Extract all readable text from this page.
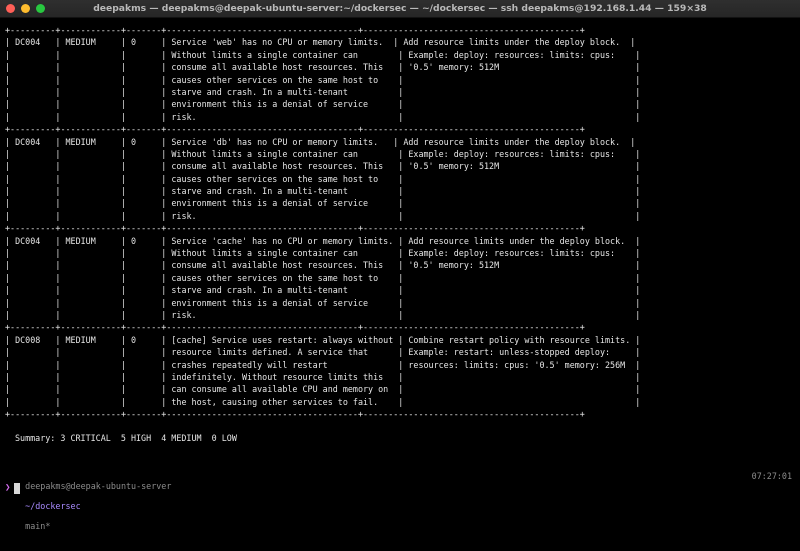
deepakms — deepakms@deepak-ubuntu-server:~/dockersec — ~/dockersec — ssh deepakms@192.168.1.44 — 159×38
+---------+------------+-------+--------------------------------------+-------------------------------------------+
| DC004   | MEDIUM     | 0     | Service 'web' has no CPU or memory limits.  | Add resource limits under the deploy block.  |
|         |            |       | Without limits a single container can        | Example: deploy: resources: limits: cpus:    |
|         |            |       | consume all available host resources. This   | '0.5' memory: 512M                           |
|         |            |       | causes other services on the same host to    |                                              |
|         |            |       | starve and crash. In a multi-tenant          |                                              |
|         |            |       | environment this is a denial of service      |                                              |
|         |            |       | risk.                                        |                                              |
+---------+------------+-------+--------------------------------------+-------------------------------------------+
| DC004   | MEDIUM     | 0     | Service 'db' has no CPU or memory limits.   | Add resource limits under the deploy block.  |
|         |            |       | Without limits a single container can        | Example: deploy: resources: limits: cpus:    |
|         |            |       | consume all available host resources. This   | '0.5' memory: 512M                           |
|         |            |       | causes other services on the same host to    |                                              |
|         |            |       | starve and crash. In a multi-tenant          |                                              |
|         |            |       | environment this is a denial of service      |                                              |
|         |            |       | risk.                                        |                                              |
+---------+------------+-------+--------------------------------------+-------------------------------------------+
| DC004   | MEDIUM     | 0     | Service 'cache' has no CPU or memory limits. | Add resource limits under the deploy block.  |
|         |            |       | Without limits a single container can        | Example: deploy: resources: limits: cpus:    |
|         |            |       | consume all available host resources. This   | '0.5' memory: 512M                           |
|         |            |       | causes other services on the same host to    |                                              |
|         |            |       | starve and crash. In a multi-tenant          |                                              |
|         |            |       | environment this is a denial of service      |                                              |
|         |            |       | risk.                                        |                                              |
+---------+------------+-------+--------------------------------------+-------------------------------------------+
| DC008   | MEDIUM     | 0     | [cache] Service uses restart: always without | Combine restart policy with resource limits. |
|         |            |       | resource limits defined. A service that      | Example: restart: unless-stopped deploy:     |
|         |            |       | crashes repeatedly will restart              | resources: limits: cpus: '0.5' memory: 256M  |
|         |            |       | indefinitely. Without resource limits this   |                                              |
|         |            |       | can consume all available CPU and memory on  |                                              |
|         |            |       | the host, causing other services to fail.    |                                              |
+---------+------------+-------+--------------------------------------+-------------------------------------------+
Summary: 3 CRITICAL  5 HIGH  4 MEDIUM  0 LOW

deepakms@deepak-ubuntu-server

~/dockersec

main*

07:27:01

❯
